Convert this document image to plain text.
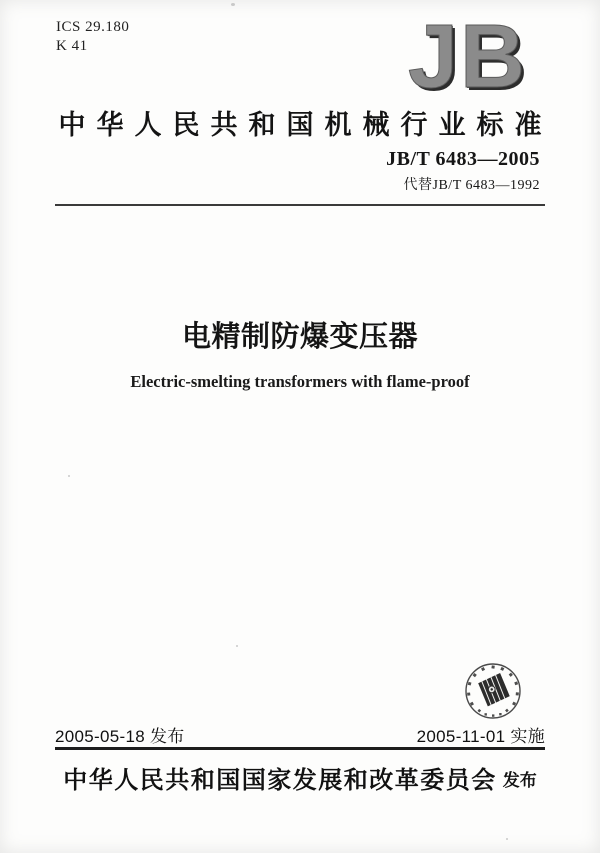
ICS 29.180
K 41	JB
中华人民共和国机械行业标准
JB/T 6483—2005
代替JB/T 6483—1992
电精制防爆变压器
Electric-smelting transformers with flame-proof
2005-05-18 发布	2005-11-01 实施
中华人民共和国国家发展和改革委员会 发布
